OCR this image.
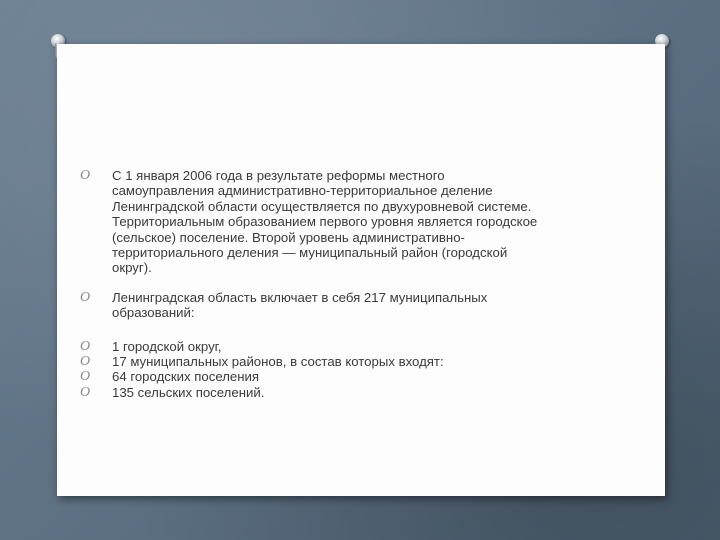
O С 1 января 2006 года в результате реформы местного самоуправления административно-территориальное деление Ленинградской области осуществляется по двухуровневой системе. Территориальным образованием первого уровня является городское (сельское) поселение. Второй уровень административно-территориального деления — муниципальный район (городской округ).

O Ленинградская область включает в себя 217 муниципальных образований:

O 1 городской округ,

O 17 муниципальных районов, в состав которых входят:

O 64 городских поселения

O 135 сельских поселений.
